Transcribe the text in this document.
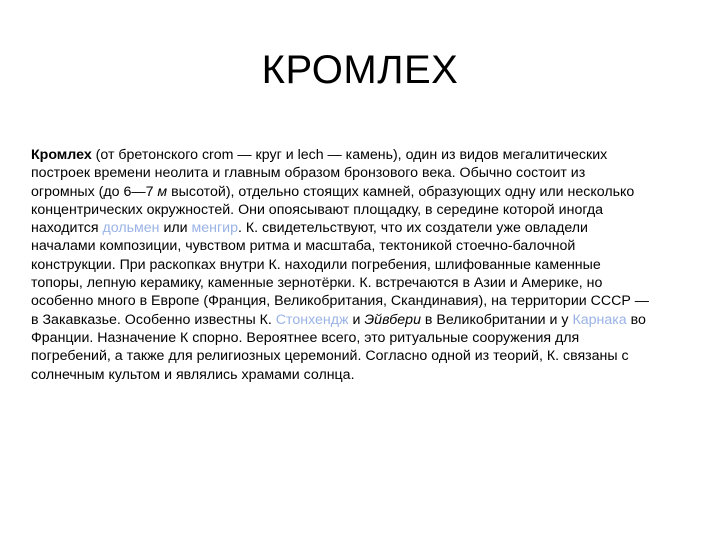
КРОМЛЕХ
Кромлех (от бретонского crom — круг и lech — камень), один из видов мегалитических
построек времени неолита и главным образом бронзового века. Обычно состоит из
огромных (до 6—7 м высотой), отдельно стоящих камней, образующих одну или несколько
концентрических окружностей. Они опоясывают площадку, в середине которой иногда
находится дольмен или менгир. К. свидетельствуют, что их создатели уже овладели
началами композиции, чувством ритма и масштаба, тектоникой стоечно-балочной
конструкции. При раскопках внутри К. находили погребения, шлифованные каменные
топоры, лепную керамику, каменные зернотёрки. К. встречаются в Азии и Америке, но
особенно много в Европе (Франция, Великобритания, Скандинавия), на территории СССР —
в Закавказье. Особенно известны К. Стонхендж и Эйвбери в Великобритании и у Карнака во
Франции. Назначение К спорно. Вероятнее всего, это ритуальные сооружения для
погребений, а также для религиозных церемоний. Согласно одной из теорий, К. связаны с
солнечным культом и являлись храмами солнца.
